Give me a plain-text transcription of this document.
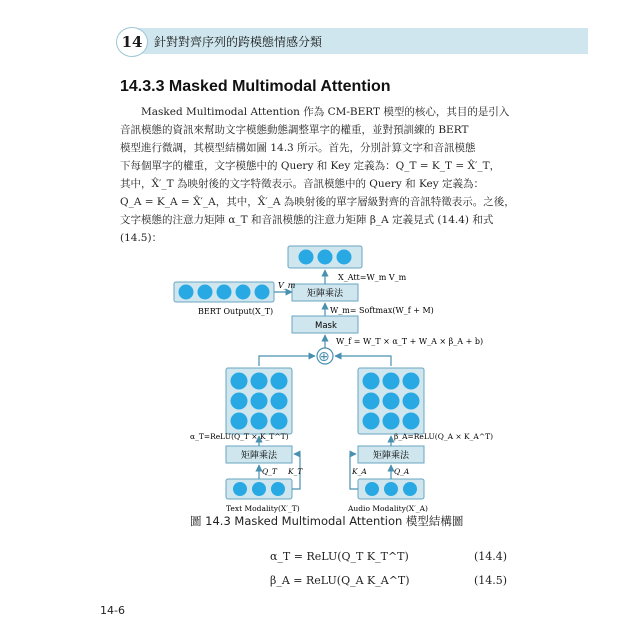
14 針對對齊序列的跨模態情感分類
14.3.3 Masked Multimodal Attention
Masked Multimodal Attention 作為 CM-BERT 模型的核心，其目的是引入
音訊模態的資訊來幫助文字模態動態調整單字的權重，並對預訓練的 BERT
模型進行微調，其模型結構如圖 14.3 所示。首先，分別計算文字和音訊模態
下每個單字的權重，文字模態中的 Query 和 Key 定義為：Q_T = K_T = X̂′_T，
其中，X̂′_T 為映射後的文字特徵表示。音訊模態中的 Query 和 Key 定義為：
Q_A = K_A = X̂′_A，其中，X̂′_A 為映射後的單字層級對齊的音訊特徵表示。之後，
文字模態的注意力矩陣 α_T 和音訊模態的注意力矩陣 β_A 定義見式 (14.4) 和式
(14.5)：
X_Att=W_m V_m
矩陣乘法
BERT Output(X_T)
V_m
W_m= Softmax(W_f + M)
Mask
⊕
W_f = W_T × α_T + W_A × β_A + b)
α_T=ReLU(Q_T × K_T^T)	β_A=ReLU(Q_A × K_A^T)
矩陣乘法	矩陣乘法
Text Modality(X′_T)	Audio Modality(X′_A)
Q_T K_T	Q_A
K_A
圖 14.3 Masked Multimodal Attention 模型結構圖
α_T = ReLU(Q_T K_T^T)	(14.4)
β_A = ReLU(Q_A K_A^T)	(14.5)
14-6
